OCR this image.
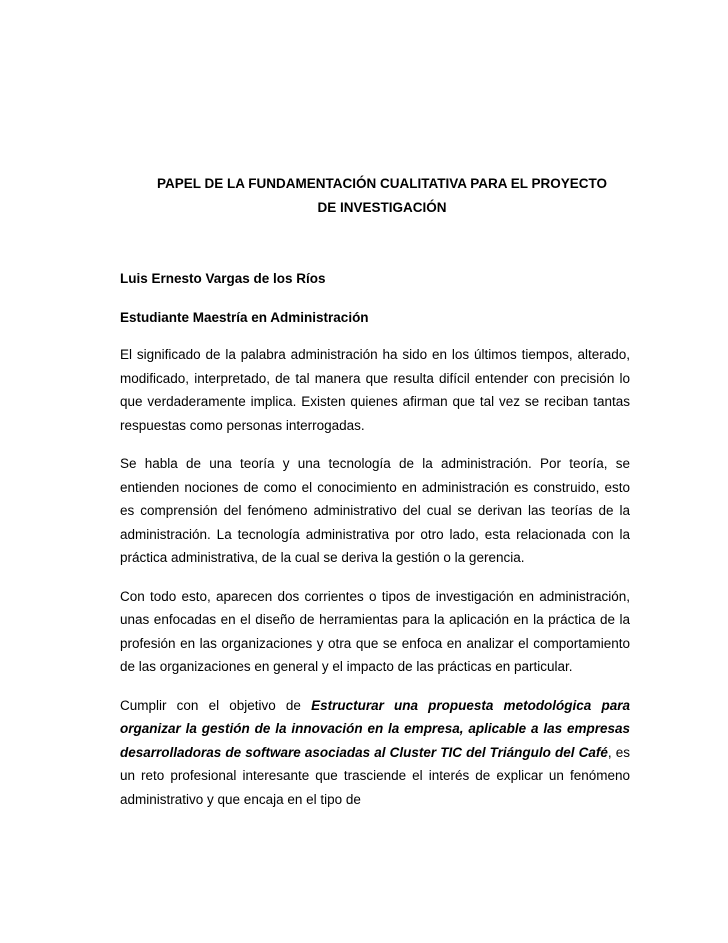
PAPEL DE LA FUNDAMENTACIÓN CUALITATIVA PARA EL PROYECTO
DE INVESTIGACIÓN
Luis Ernesto Vargas de los Ríos
Estudiante Maestría en Administración

El significado de la palabra administración ha sido en los últimos tiempos, alterado, modificado, interpretado, de tal manera que resulta difícil entender con precisión lo que verdaderamente implica. Existen quienes afirman que tal vez se reciban tantas respuestas como personas interrogadas.

Se habla de una teoría y una tecnología de la administración. Por teoría, se entienden nociones de como el conocimiento en administración es construido, esto es comprensión del fenómeno administrativo del cual se derivan las teorías de la administración. La tecnología administrativa por otro lado, esta relacionada con la práctica administrativa, de la cual se deriva la gestión o la gerencia.

Con todo esto, aparecen dos corrientes o tipos de investigación en administración, unas enfocadas en el diseño de herramientas para la aplicación en la práctica de la profesión en las organizaciones y otra que se enfoca en analizar el comportamiento de las organizaciones en general y el impacto de las prácticas en particular.

Cumplir con el objetivo de Estructurar una propuesta metodológica para organizar la gestión de la innovación en la empresa, aplicable a las empresas desarrolladoras de software asociadas al Cluster TIC del Triángulo del Café, es un reto profesional interesante que trasciende el interés de explicar un fenómeno administrativo y que encaja en el tipo de
